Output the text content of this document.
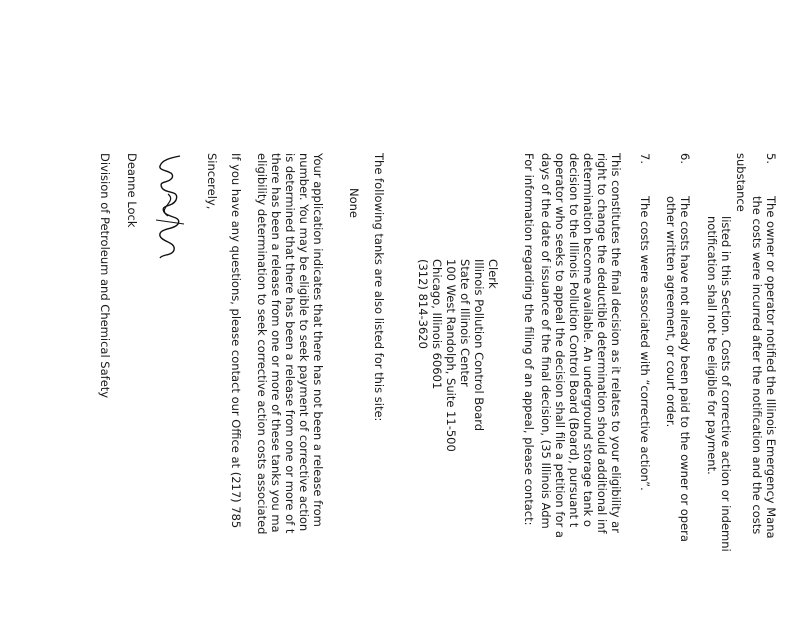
5.
The owner or operator notified the Illinois Emergency Mana
the costs were incurred after the notification and the costs
substance
listed in this Section. Costs of corrective action or indemni
notification shall not be eligible for payment.
6.
The costs have not already been paid to the owner or opera
other written agreement, or court order.
7.
The costs were associated with “corrective action”.
This constitutes the final decision as it relates to your eligibility ar
right to change the deductible determination should additional inf
determination become available. An underground storage tank o
decision to the Illinois Pollution Control Board (Board), pursuant t
operator who seeks to appeal the decision shall file a petition for a
days of the date of issuance of the final decision, (35 Illinois Adm
For information regarding the filing of an appeal, please contact:
Clerk
Illinois Pollution Control Board
State of Illinois Center
100 West Randolph, Suite 11-500
Chicago, Illinois 60601
(312) 814-3620
The following tanks are also listed for this site:
None
Your application indicates that there has not been a release from
number. You may be eligible to seek payment of corrective action
is determined that there has been a release from one or more of t
there has been a release from one or more of these tanks you ma
eligibility determination to seek corrective action costs associated
If you have any questions, please contact our Office at (217) 785
Sincerely,
Deanne Lock
Division of Petroleum and Chemical Safety
